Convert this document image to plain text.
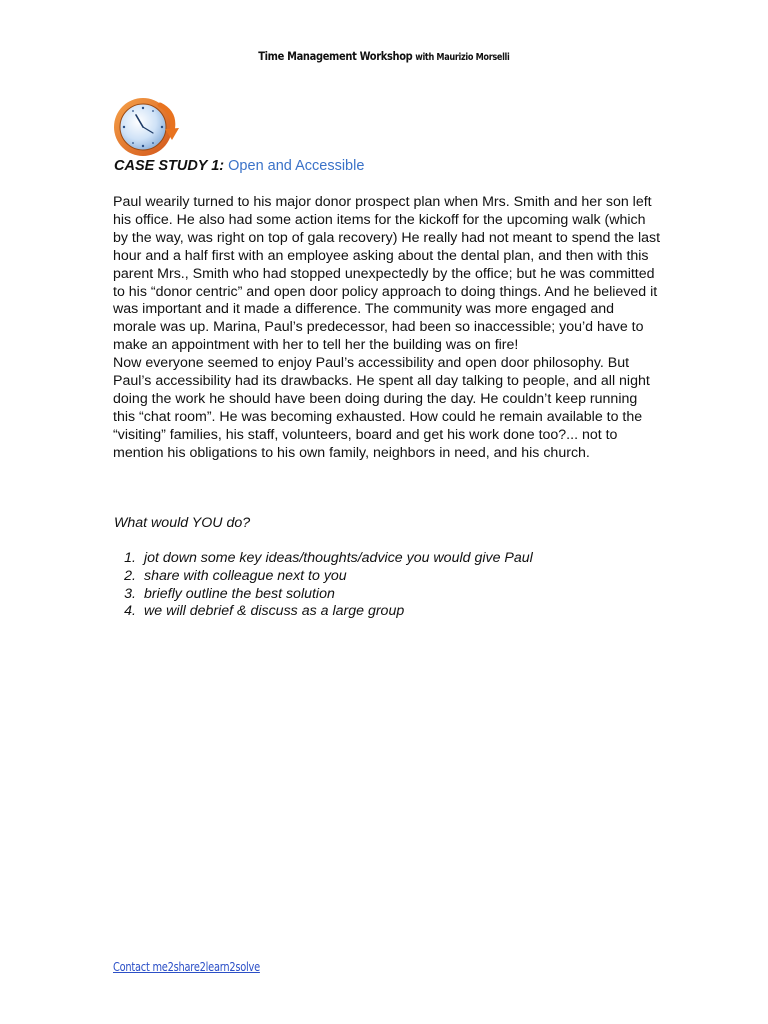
Time Management Workshop with Maurizio Morselli
CASE STUDY 1: Open and Accessible

Paul wearily turned to his major donor prospect plan when Mrs. Smith and her son left his office. He also had some action items for the kickoff for the upcoming walk (which by the way, was right on top of gala recovery) He really had not meant to spend the last hour and a half first with an employee asking about the dental plan, and then with this parent Mrs., Smith who had stopped unexpectedly by the office; but he was committed to his “donor centric” and open door policy approach to doing things. And he believed it was important and it made a difference. The community was more engaged and morale was up. Marina, Paul’s predecessor, had been so inaccessible; you’d have to make an appointment with her to tell her the building was on fire!

Now everyone seemed to enjoy Paul’s accessibility and open door philosophy. But Paul’s accessibility had its drawbacks. He spent all day talking to people, and all night doing the work he should have been doing during the day. He couldn’t keep running this “chat room”. He was becoming exhausted. How could he remain available to the “visiting” families, his staff, volunteers, board and get his work done too?... not to mention his obligations to his own family, neighbors in need, and his church.

What would YOU do?
1. jot down some key ideas/thoughts/advice you would give Paul
2. share with colleague next to you
3. briefly outline the best solution
4. we will debrief & discuss as a large group
Contact me2share2learn2solve
